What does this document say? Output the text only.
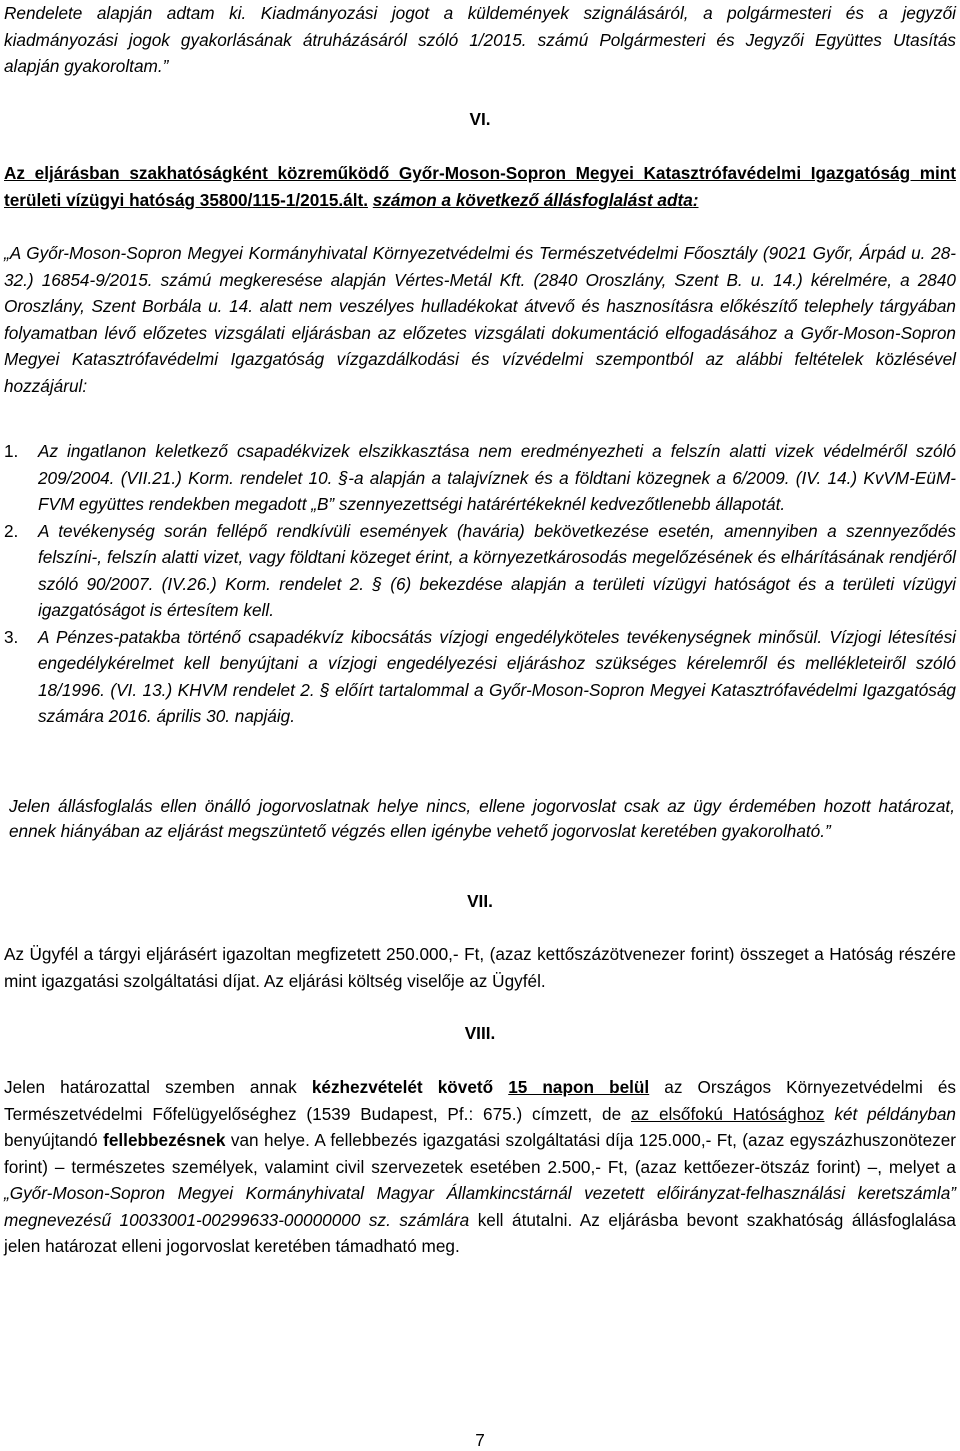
Rendelete alapján adtam ki. Kiadmányozási jogot a küldemények szignálásáról, a polgármesteri és a jegyzői

kiadmányozási jogok gyakorlásának átruházásáról szóló 1/2015. számú Polgármesteri és Jegyzői Együttes Utasítás

alapján gyakoroltam.”

VI.

Az eljárásban szakhatóságként közreműködő Győr-Moson-Sopron Megyei Katasztrófavédelmi Igazgatóság mint területi vízügyi hatóság 35800/115-1/2015.ált. számon a következő állásfoglalást adta:

„A Győr-Moson-Sopron Megyei Kormányhivatal Környezetvédelmi és Természetvédelmi Főosztály (9021 Győr, Árpád u. 28-32.) 16854-9/2015. számú megkeresése alapján Vértes-Metál Kft. (2840 Oroszlány, Szent B. u. 14.) kérelmére, a 2840 Oroszlány, Szent Borbála u. 14. alatt nem veszélyes hulladékokat átvevő és hasznosításra előkészítő telephely tárgyában folyamatban lévő előzetes vizsgálati eljárásban az előzetes vizsgálati dokumentáció elfogadásához a Győr-Moson-Sopron Megyei Katasztrófavédelmi Igazgatóság vízgazdálkodási és vízvédelmi szempontból az alábbi feltételek közlésével hozzájárul:

1. Az ingatlanon keletkező csapadékvizek elszikkasztása nem eredményezheti a felszín alatti vizek védelméről szóló 209/2004. (VII.21.) Korm. rendelet 10. §-a alapján a talajvíznek és a földtani közegnek a 6/2009. (IV. 14.) KvVM-EüM-FVM együttes rendekben megadott „B” szennyezettségi határértékeknél kedvezőtlenebb állapotát.

2. A tevékenység során fellépő rendkívüli események (havária) bekövetkezése esetén, amennyiben a szennyeződés felszíni-, felszín alatti vizet, vagy földtani közeget érint, a környezetkárosodás megelőzésének és elhárításának rendjéről szóló 90/2007. (IV.26.) Korm. rendelet 2. § (6) bekezdése alapján a területi vízügyi hatóságot és a területi vízügyi igazgatóságot is értesítem kell.

3. A Pénzes-patakba történő csapadékvíz kibocsátás vízjogi engedélyköteles tevékenységnek minősül. Vízjogi létesítési engedélykérelmet kell benyújtani a vízjogi engedélyezési eljáráshoz szükséges kérelemről és mellékleteiről szóló 18/1996. (VI. 13.) KHVM rendelet 2. § előírt tartalommal a Győr-Moson-Sopron Megyei Katasztrófavédelmi Igazgatóság számára 2016. április 30. napjáig.

Jelen állásfoglalás ellen önálló jogorvoslatnak helye nincs, ellene jogorvoslat csak az ügy érdemében hozott határozat, ennek hiányában az eljárást megszüntető végzés ellen igénybe vehető jogorvoslat keretében gyakorolható.”

VII.

Az Ügyfél a tárgyi eljárásért igazoltan megfizetett 250.000,- Ft, (azaz kettőszázötvenezer forint) összeget a Hatóság részére mint igazgatási szolgáltatási díjat. Az eljárási költség viselője az Ügyfél.

VIII.

Jelen határozattal szemben annak kézhezvételét követő 15 napon belül az Országos Környezetvédelmi és Természetvédelmi Főfelügyelőséghez (1539 Budapest, Pf.: 675.) címzett, de az elsőfokú Hatósághoz két példányban benyújtandó fellebbezésnek van helye. A fellebbezés igazgatási szolgáltatási díja 125.000,- Ft, (azaz egyszázhuszonötezer forint) – természetes személyek, valamint civil szervezetek esetében 2.500,- Ft, (azaz kettőezer-ötszáz forint) –, melyet a „Győr-Moson-Sopron Megyei Kormányhivatal Magyar Államkincstárnál vezetett előirányzat-felhasználási keretszámla” megnevezésű 10033001-00299633-00000000 sz. számlára kell átutalni. Az eljárásba bevont szakhatóság állásfoglalása jelen határozat elleni jogorvoslat keretében támadható meg.

7
